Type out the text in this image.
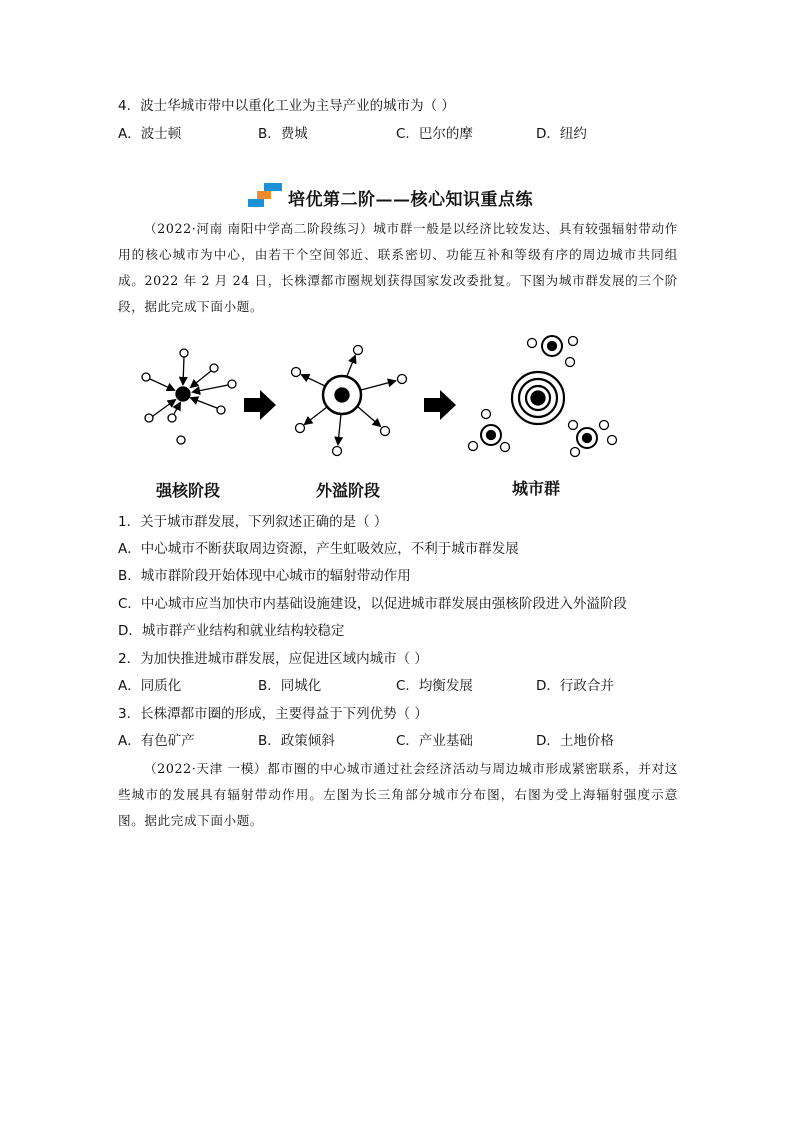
4．波士华城市带中以重化工业为主导产业的城市为（ ）
A．波士顿	B．费城	C．巴尔的摩	D．纽约
培优第二阶——核心知识重点练

（2022·河南 南阳中学高二阶段练习）城市群一般是以经济比较发达、具有较强辐射带动作用的核心城市为中心，由若干个空间邻近、联系密切、功能互补和等级有序的周边城市共同组成。2022 年 2 月 24 日，长株潭都市圈规划获得国家发改委批复。下图为城市群发展的三个阶段，据此完成下面小题。

强核阶段	外溢阶段	城市群
1．关于城市群发展，下列叙述正确的是（ ）
A．中心城市不断获取周边资源，产生虹吸效应，不利于城市群发展
B．城市群阶段开始体现中心城市的辐射带动作用
C．中心城市应当加快市内基础设施建设，以促进城市群发展由强核阶段进入外溢阶段
D．城市群产业结构和就业结构较稳定
2．为加快推进城市群发展，应促进区域内城市（ ）
A．同质化	B．同城化	C．均衡发展	D．行政合并
3．长株潭都市圈的形成，主要得益于下列优势（ ）
A．有色矿产	B．政策倾斜	C．产业基础	D．土地价格

（2022·天津 一模）都市圈的中心城市通过社会经济活动与周边城市形成紧密联系，并对这些城市的发展具有辐射带动作用。左图为长三角部分城市分布图，右图为受上海辐射强度示意图。据此完成下面小题。
